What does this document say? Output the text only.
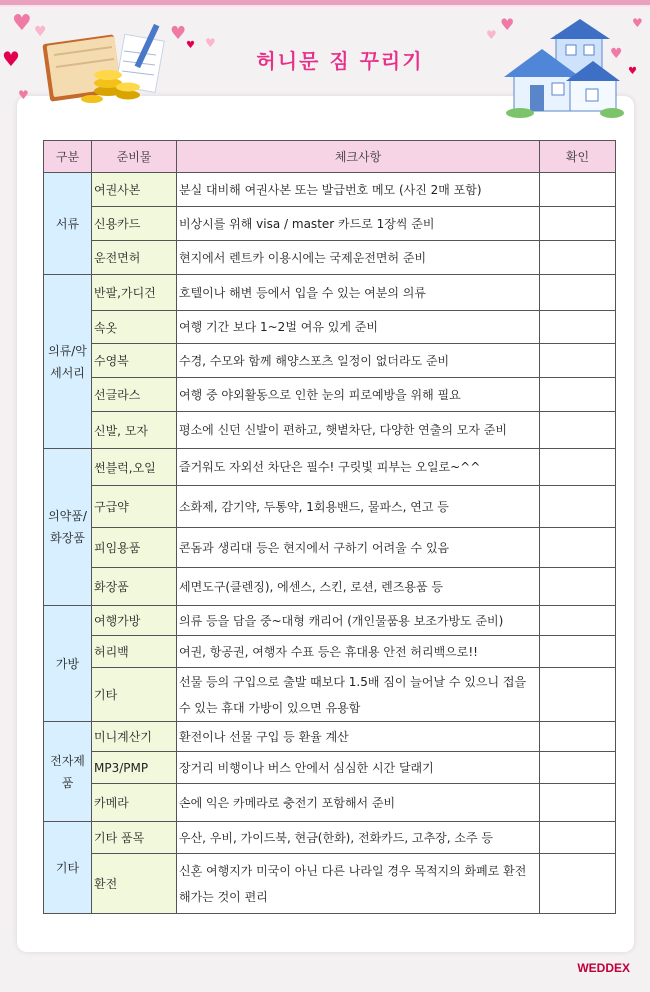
♥ ♥
♥
♥
♥ ♥
♥
♥
♥
♥
♥
♥
허니문 짐 꾸리기
구분	준비물	체크사항	확인
서류	여권사본	분실 대비해 여권사본 또는 발급번호 메모 (사진 2매 포함)	
	신용카드	비상시를 위해 visa / master 카드로 1장씩 준비	
	운전면허	현지에서 렌트카 이용시에는 국제운전면허 준비	
의류/악세서리	반팔,가디건	호텔이나 해변 등에서 입을 수 있는 여분의 의류	
	속옷	여행 기간 보다 1~2벌 여유 있게 준비	
	수영복	수경, 수모와 함께 해양스포츠 일정이 없더라도 준비	
	선글라스	여행 중 야외활동으로 인한 눈의 피로예방을 위해 필요	
	신발, 모자	평소에 신던 신발이 편하고, 햇볕차단, 다양한 연출의 모자 준비	
의약품/화장품	썬블럭,오일	즐거워도 자외선 차단은 필수! 구릿빛 피부는 오일로~^^	
	구급약	소화제, 감기약, 두통약, 1회용밴드, 물파스, 연고 등	
	피임용품	콘돔과 생리대 등은 현지에서 구하기 어려울 수 있음	
	화장품	세면도구(클렌징), 에센스, 스킨, 로션, 렌즈용품 등	
가방	여행가방	의류 등을 담을 중~대형 캐리어 (개인물품용 보조가방도 준비)	
	허리백	여권, 항공권, 여행자 수표 등은 휴대용 안전 허리백으로!!	
	기타	선물 등의 구입으로 출발 때보다 1.5배 짐이 늘어날 수 있으니 접을 수 있는 휴대 가방이 있으면 유용함	
전자제품	미니계산기	환전이나 선물 구입 등 환율 계산	
	MP3/PMP	장거리 비행이나 버스 안에서 심심한 시간 달래기	
	카메라	손에 익은 카메라로 충전기 포함해서 준비	
기타	기타 품목	우산, 우비, 가이드북, 현금(한화), 전화카드, 고추장, 소주 등	
	환전	신혼 여행지가 미국이 아닌 다른 나라일 경우 목적지의 화폐로 환전해가는 것이 편리	
WEDDEX
